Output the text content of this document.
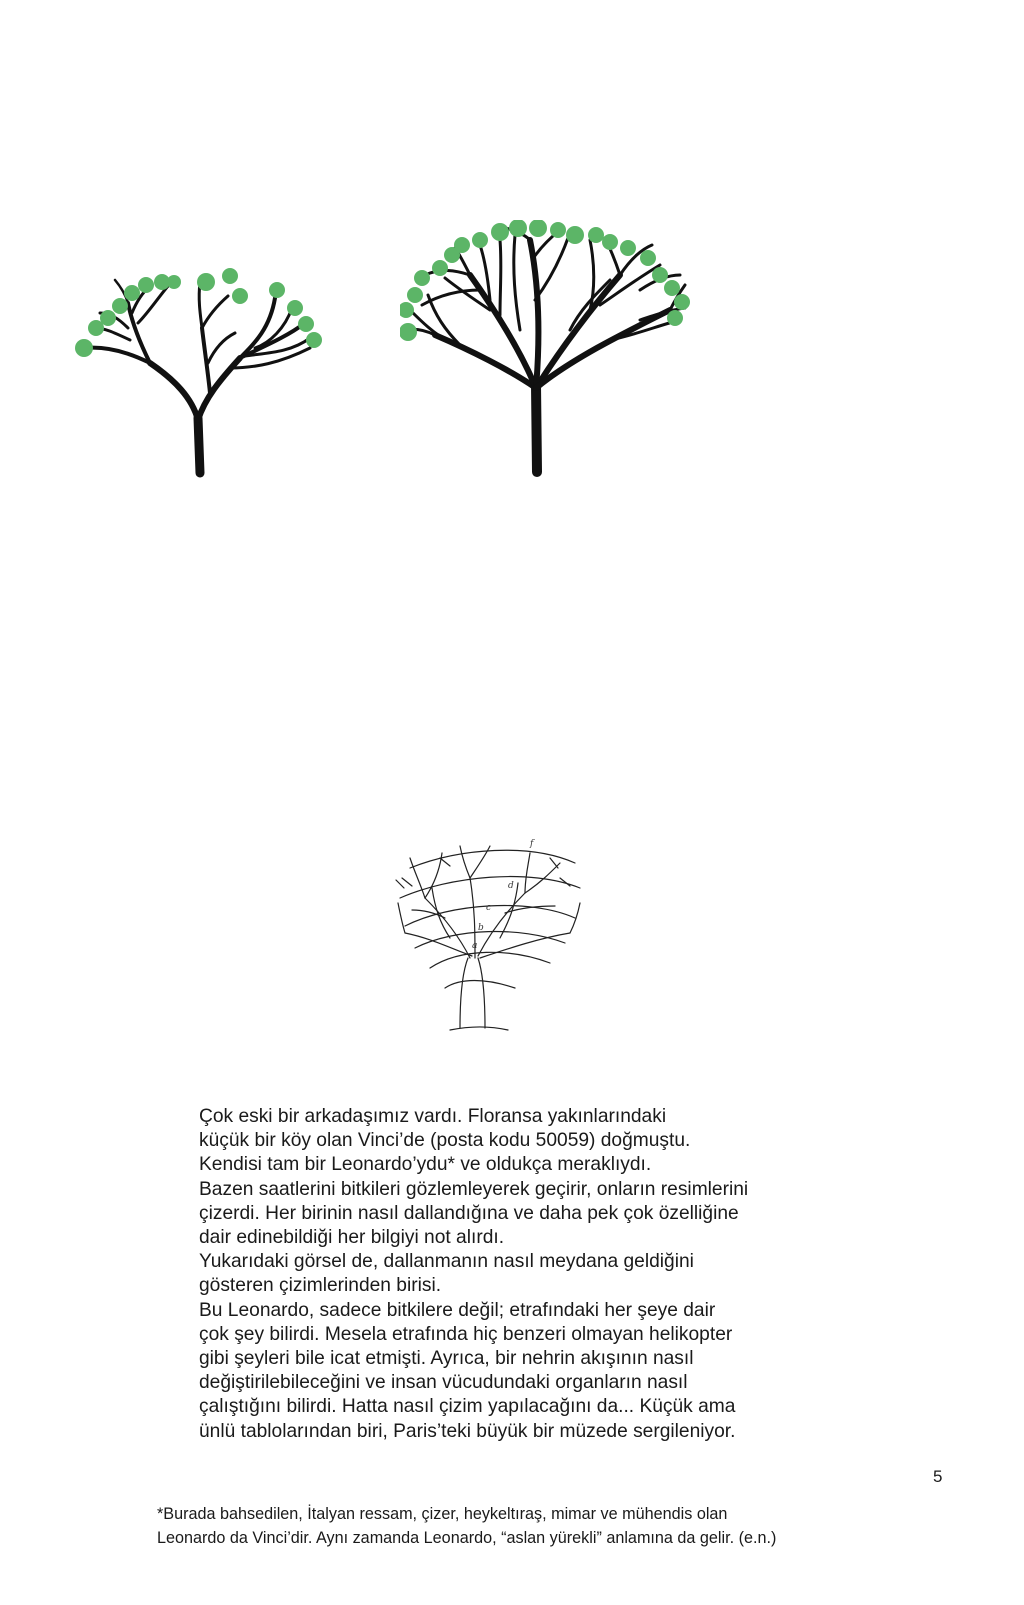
f
d
c
b
a
Çok eski bir arkadaşımız vardı. Floransa yakınlarındaki
küçük bir köy olan Vinci’de (posta kodu 50059) doğmuştu.
Kendisi tam bir Leonardo’ydu* ve oldukça meraklıydı.
Bazen saatlerini bitkileri gözlemleyerek geçirir, onların resimlerini
çizerdi. Her birinin nasıl dallandığına ve daha pek çok özelliğine
dair edinebildiği her bilgiyi not alırdı.
Yukarıdaki görsel de, dallanmanın nasıl meydana geldiğini
gösteren çizimlerinden birisi.
Bu Leonardo, sadece bitkilere değil; etrafındaki her şeye dair
çok şey bilirdi. Mesela etrafında hiç benzeri olmayan helikopter
gibi şeyleri bile icat etmişti. Ayrıca, bir nehrin akışının nasıl
değiştirilebileceğini ve insan vücudundaki organların nasıl
çalıştığını bilirdi. Hatta nasıl çizim yapılacağını da... Küçük ama
ünlü tablolarından biri, Paris’teki büyük bir müzede sergileniyor.
5
*Burada bahsedilen, İtalyan ressam, çizer, heykeltıraş, mimar ve mühendis olan
Leonardo da Vinci’dir. Aynı zamanda Leonardo, “aslan yürekli” anlamına da gelir. (e.n.)
